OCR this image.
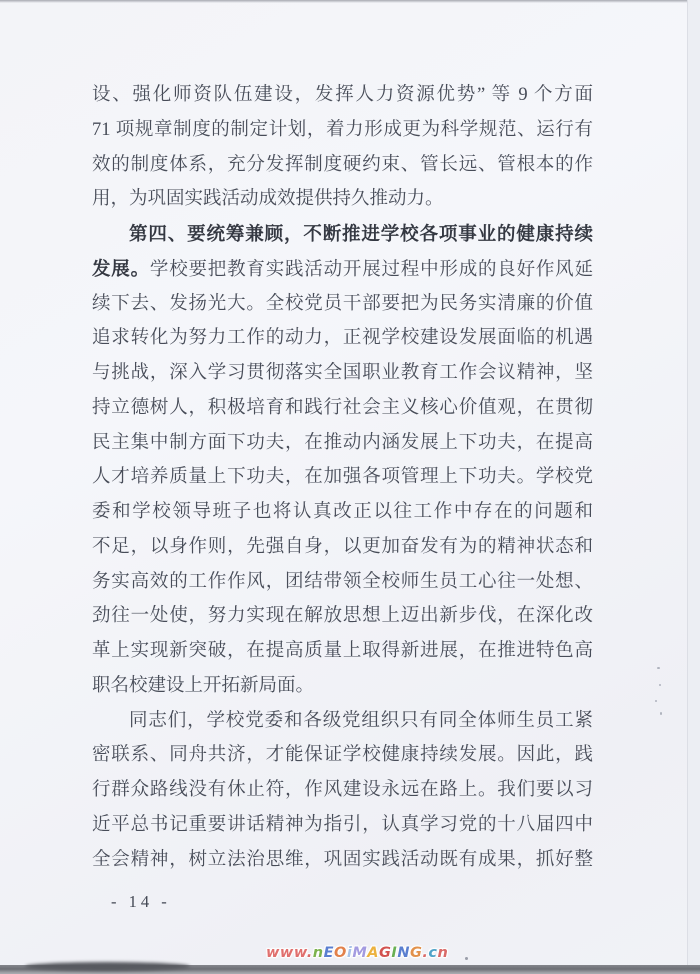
设、强化师资队伍建设，发挥人力资源优势” 等 9 个方面
71 项规章制度的制定计划，着力形成更为科学规范、运行有
效的制度体系，充分发挥制度硬约束、管长远、管根本的作
用，为巩固实践活动成效提供持久推动力。
第四、要统筹兼顾，不断推进学校各项事业的健康持续
发展。学校要把教育实践活动开展过程中形成的良好作风延
续下去、发扬光大。全校党员干部要把为民务实清廉的价值
追求转化为努力工作的动力，正视学校建设发展面临的机遇
与挑战，深入学习贯彻落实全国职业教育工作会议精神，坚
持立德树人，积极培育和践行社会主义核心价值观，在贯彻
民主集中制方面下功夫，在推动内涵发展上下功夫，在提高
人才培养质量上下功夫，在加强各项管理上下功夫。学校党
委和学校领导班子也将认真改正以往工作中存在的问题和
不足，以身作则，先强自身，以更加奋发有为的精神状态和
务实高效的工作作风，团结带领全校师生员工心往一处想、
劲往一处使，努力实现在解放思想上迈出新步伐，在深化改
革上实现新突破，在提高质量上取得新进展，在推进特色高
职名校建设上开拓新局面。
同志们，学校党委和各级党组织只有同全体师生员工紧
密联系、同舟共济，才能保证学校健康持续发展。因此，践
行群众路线没有休止符，作风建设永远在路上。我们要以习
近平总书记重要讲话精神为指引，认真学习党的十八届四中
全会精神，树立法治思维，巩固实践活动既有成果，抓好整
- 14 -
www.nEOiMAGING.cn
